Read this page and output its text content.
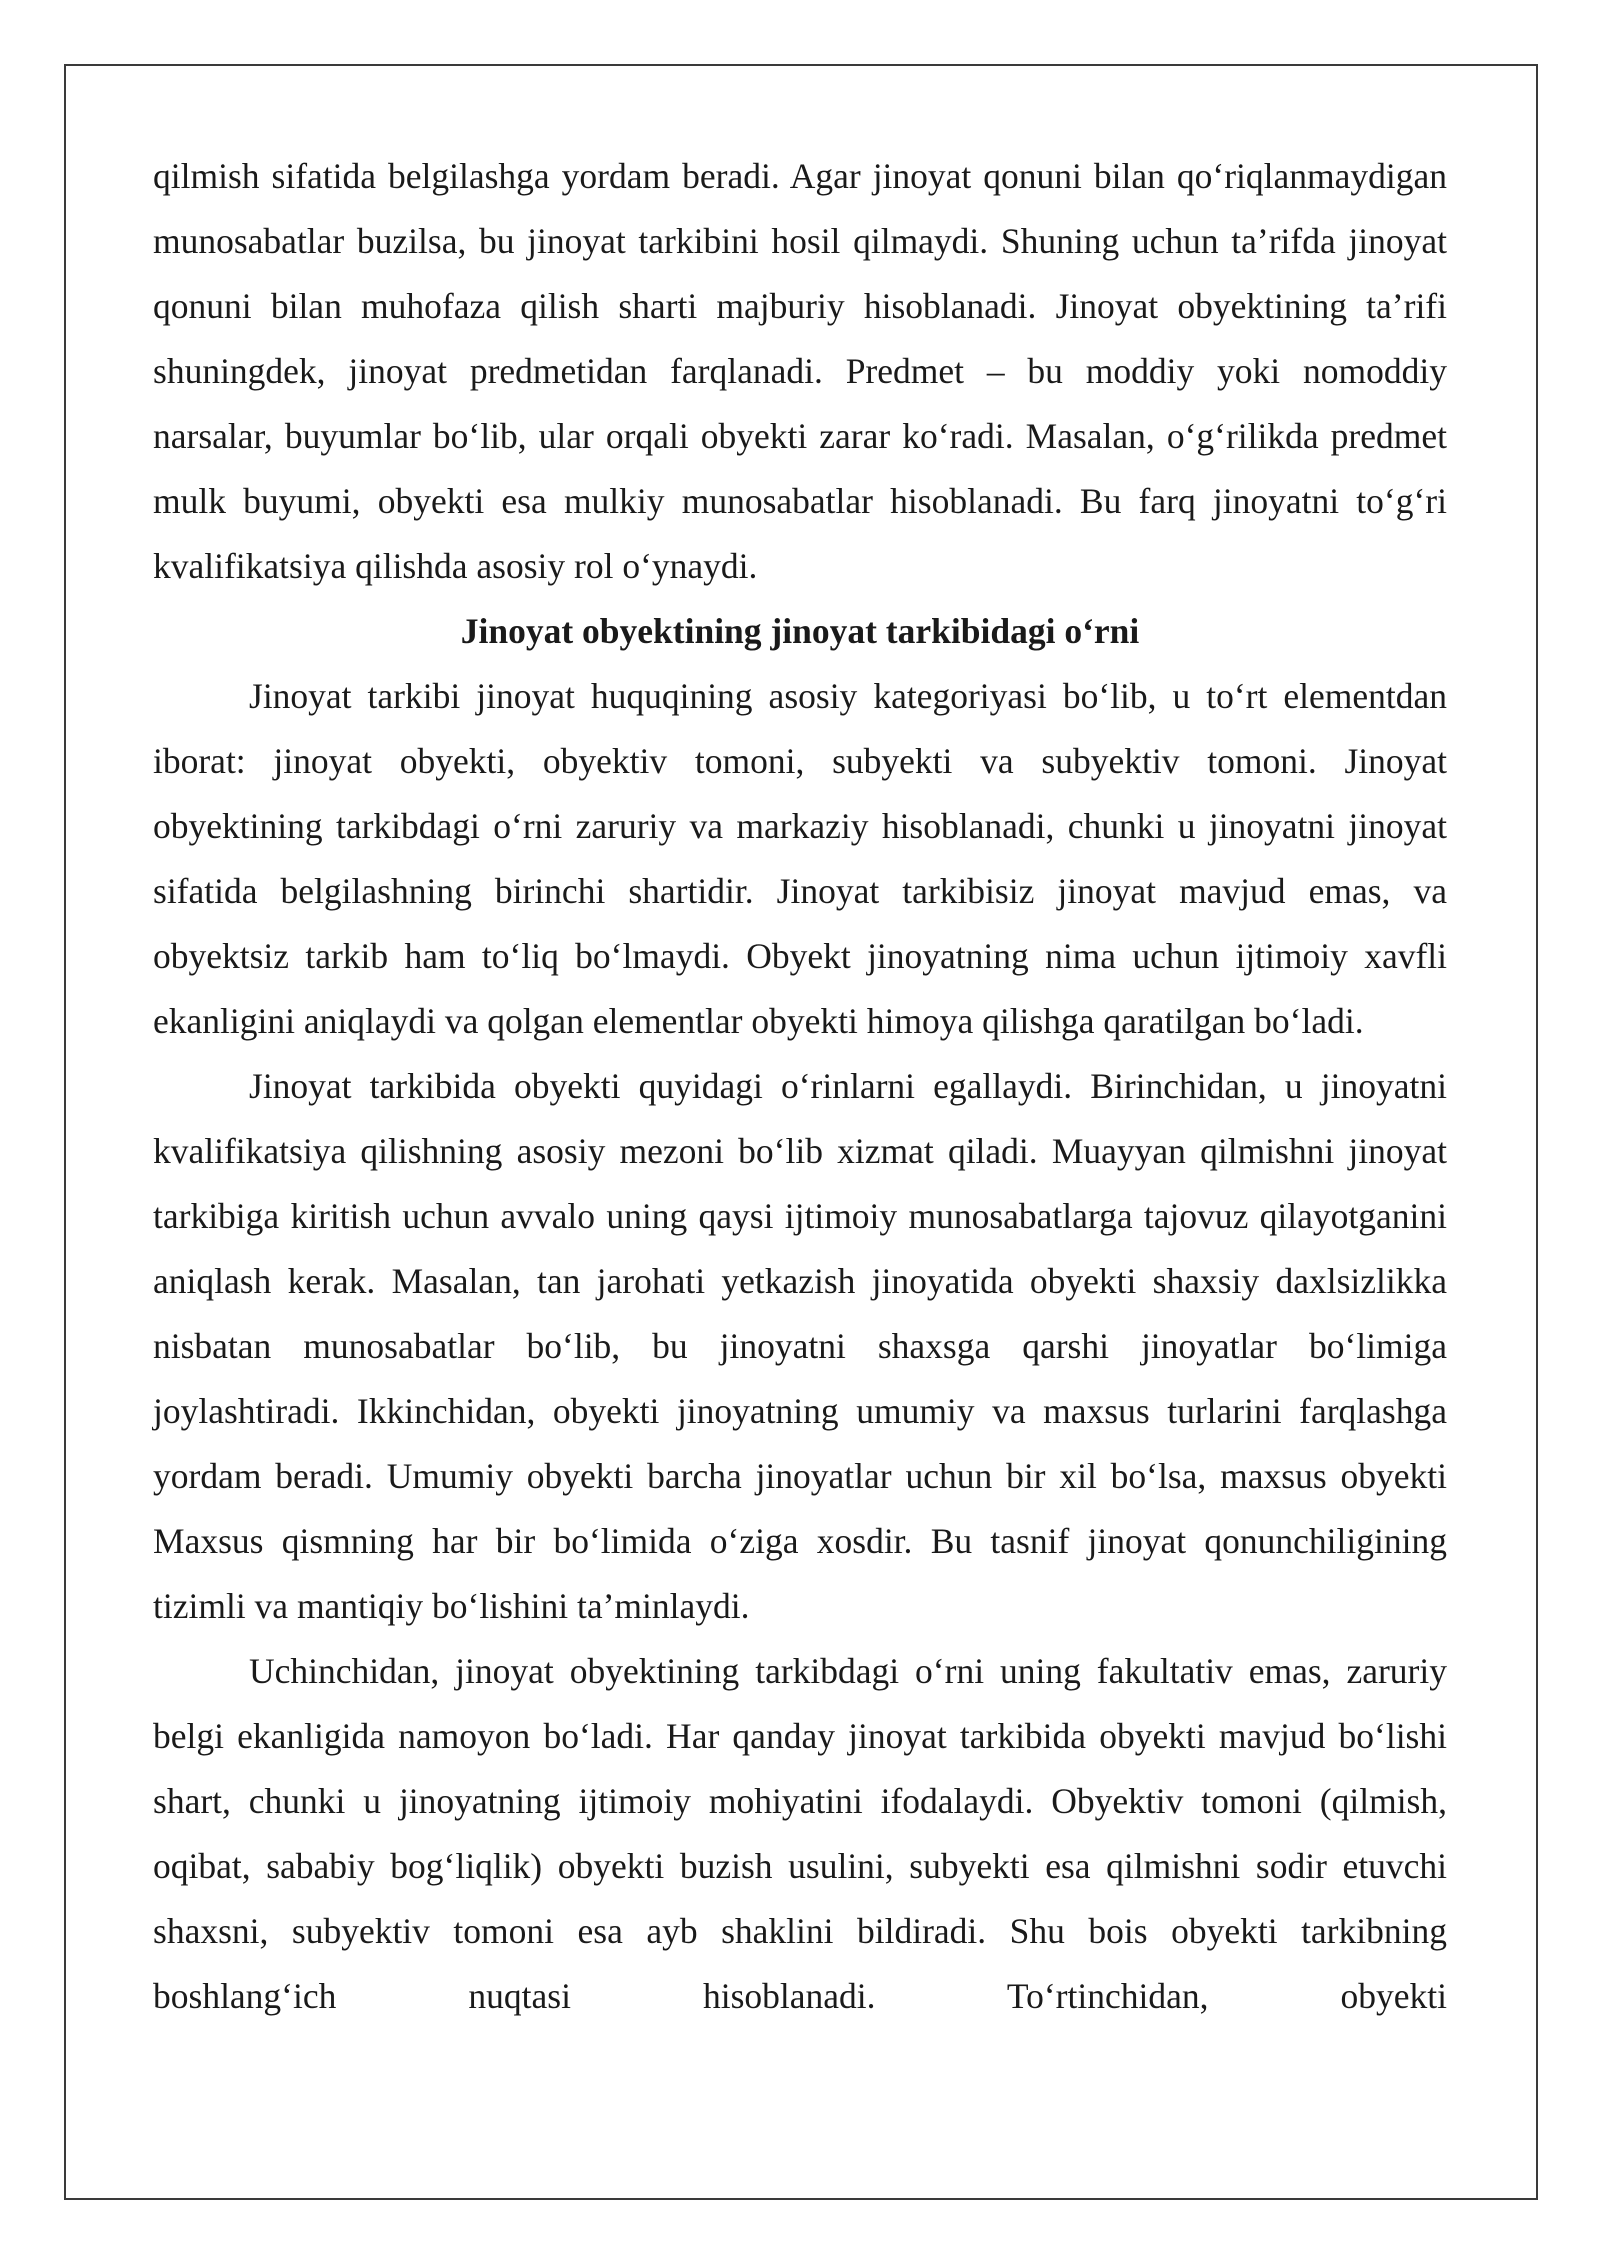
qilmish sifatida belgilashga yordam beradi. Agar jinoyat qonuni bilan qo‘riqlanmaydigan munosabatlar buzilsa, bu jinoyat tarkibini hosil qilmaydi. Shuning uchun ta’rifda jinoyat qonuni bilan muhofaza qilish sharti majburiy hisoblanadi. Jinoyat obyektining ta’rifi shuningdek, jinoyat predmetidan farqlanadi. Predmet – bu moddiy yoki nomoddiy narsalar, buyumlar bo‘lib, ular orqali obyekti zarar ko‘radi. Masalan, o‘g‘rilikda predmet mulk buyumi, obyekti esa mulkiy munosabatlar hisoblanadi. Bu farq jinoyatni to‘g‘ri kvalifikatsiya qilishda asosiy rol o‘ynaydi.

Jinoyat obyektining jinoyat tarkibidagi o‘rni

Jinoyat tarkibi jinoyat huquqining asosiy kategoriyasi bo‘lib, u to‘rt elementdan iborat: jinoyat obyekti, obyektiv tomoni, subyekti va subyektiv tomoni. Jinoyat obyektining tarkibdagi o‘rni zaruriy va markaziy hisoblanadi, chunki u jinoyatni jinoyat sifatida belgilashning birinchi shartidir. Jinoyat tarkibisiz jinoyat mavjud emas, va obyektsiz tarkib ham to‘liq bo‘lmaydi. Obyekt jinoyatning nima uchun ijtimoiy xavfli ekanligini aniqlaydi va qolgan elementlar obyekti himoya qilishga qaratilgan bo‘ladi.

Jinoyat tarkibida obyekti quyidagi o‘rinlarni egallaydi. Birinchidan, u jinoyatni kvalifikatsiya qilishning asosiy mezoni bo‘lib xizmat qiladi. Muayyan qilmishni jinoyat tarkibiga kiritish uchun avvalo uning qaysi ijtimoiy munosabatlarga tajovuz qilayotganini aniqlash kerak. Masalan, tan jarohati yetkazish jinoyatida obyekti shaxsiy daxlsizlikka nisbatan munosabatlar bo‘lib, bu jinoyatni shaxsga qarshi jinoyatlar bo‘limiga joylashtiradi. Ikkinchidan, obyekti jinoyatning umumiy va maxsus turlarini farqlashga yordam beradi. Umumiy obyekti barcha jinoyatlar uchun bir xil bo‘lsa, maxsus obyekti Maxsus qismning har bir bo‘limida o‘ziga xosdir. Bu tasnif jinoyat qonunchiligining tizimli va mantiqiy bo‘lishini ta’minlaydi.

Uchinchidan, jinoyat obyektining tarkibdagi o‘rni uning fakultativ emas, zaruriy belgi ekanligida namoyon bo‘ladi. Har qanday jinoyat tarkibida obyekti mavjud bo‘lishi shart, chunki u jinoyatning ijtimoiy mohiyatini ifodalaydi. Obyektiv tomoni (qilmish, oqibat, sababiy bog‘liqlik) obyekti buzish usulini, subyekti esa qilmishni sodir etuvchi shaxsni, subyektiv tomoni esa ayb shaklini bildiradi. Shu bois obyekti tarkibning boshlang‘ich nuqtasi hisoblanadi. To‘rtinchidan, obyekti
